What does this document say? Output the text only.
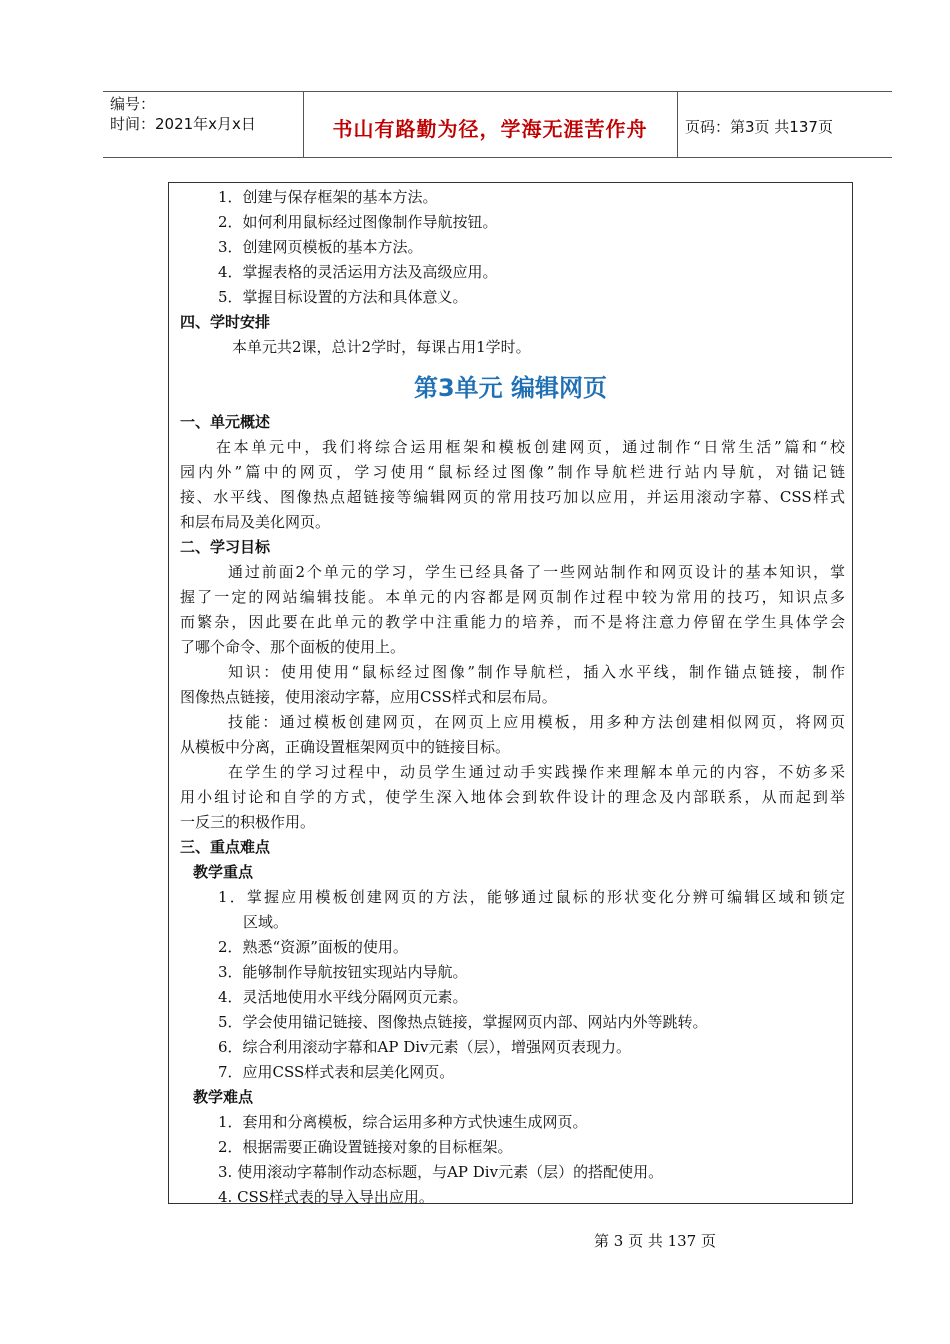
编号：
时间：2021年x月x日	书山有路勤为径，学海无涯苦作舟	页码：第3页 共137页
1．创建与保存框架的基本方法。
2．如何利用鼠标经过图像制作导航按钮。
3．创建网页模板的基本方法。
4．掌握表格的灵活运用方法及高级应用。
5．掌握目标设置的方法和具体意义。
四、学时安排
本单元共2课，总计2学时，每课占用1学时。
第3单元 编辑网页
一、单元概述
在本单元中，我们将综合运用框架和模板创建网页，通过制作“日常生活”篇和“校
园内外”篇中的网页，学习使用“鼠标经过图像”制作导航栏进行站内导航，对锚记链
接、水平线、图像热点超链接等编辑网页的常用技巧加以应用，并运用滚动字幕、CSS样式
和层布局及美化网页。
二、学习目标
通过前面2个单元的学习，学生已经具备了一些网站制作和网页设计的基本知识，掌
握了一定的网站编辑技能。本单元的内容都是网页制作过程中较为常用的技巧，知识点多
而繁杂，因此要在此单元的教学中注重能力的培养，而不是将注意力停留在学生具体学会
了哪个命令、那个面板的使用上。
知识：使用使用“鼠标经过图像”制作导航栏，插入水平线，制作锚点链接，制作
图像热点链接，使用滚动字幕，应用CSS样式和层布局。
技能：通过模板创建网页，在网页上应用模板，用多种方法创建相似网页，将网页
从模板中分离，正确设置框架网页中的链接目标。
在学生的学习过程中，动员学生通过动手实践操作来理解本单元的内容，不妨多采
用小组讨论和自学的方式，使学生深入地体会到软件设计的理念及内部联系，从而起到举
一反三的积极作用。
三、重点难点
教学重点
1．掌握应用模板创建网页的方法，能够通过鼠标的形状变化分辨可编辑区域和锁定
区域。
2．熟悉“资源”面板的使用。
3．能够制作导航按钮实现站内导航。
4．灵活地使用水平线分隔网页元素。
5．学会使用锚记链接、图像热点链接，掌握网页内部、网站内外等跳转。
6．综合利用滚动字幕和AP Div元素（层），增强网页表现力。
7．应用CSS样式表和层美化网页。
教学难点
1．套用和分离模板，综合运用多种方式快速生成网页。
2．根据需要正确设置链接对象的目标框架。
3. 使用滚动字幕制作动态标题，与AP Div元素（层）的搭配使用。
4. CSS样式表的导入导出应用。
第 3 页 共 137 页
